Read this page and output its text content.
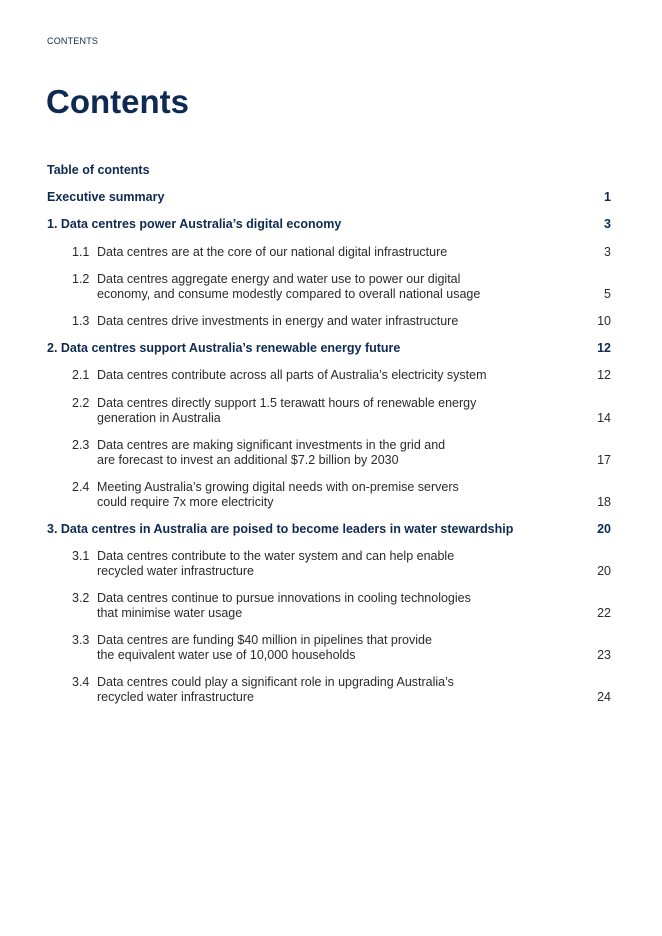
CONTENTS
Contents
Table of contents
Executive summary	1
1. Data centres power Australia’s digital economy	3
1.1 Data centres are at the core of our national digital infrastructure	3
1.2 Data centres aggregate energy and water use to power our digital
economy, and consume modestly compared to overall national usage	5
1.3 Data centres drive investments in energy and water infrastructure	10
2. Data centres support Australia’s renewable energy future	12
2.1 Data centres contribute across all parts of Australia’s electricity system	12
2.2 Data centres directly support 1.5 terawatt hours of renewable energy
generation in Australia	14
2.3 Data centres are making significant investments in the grid and
are forecast to invest an additional $7.2 billion by 2030	17
2.4 Meeting Australia’s growing digital needs with on-premise servers
could require 7x more electricity	18
3. Data centres in Australia are poised to become leaders in water stewardship	20
3.1 Data centres contribute to the water system and can help enable
recycled water infrastructure	20
3.2 Data centres continue to pursue innovations in cooling technologies
that minimise water usage	22
3.3 Data centres are funding $40 million in pipelines that provide
the equivalent water use of 10,000 households	23
3.4 Data centres could play a significant role in upgrading Australia’s
recycled water infrastructure	24
